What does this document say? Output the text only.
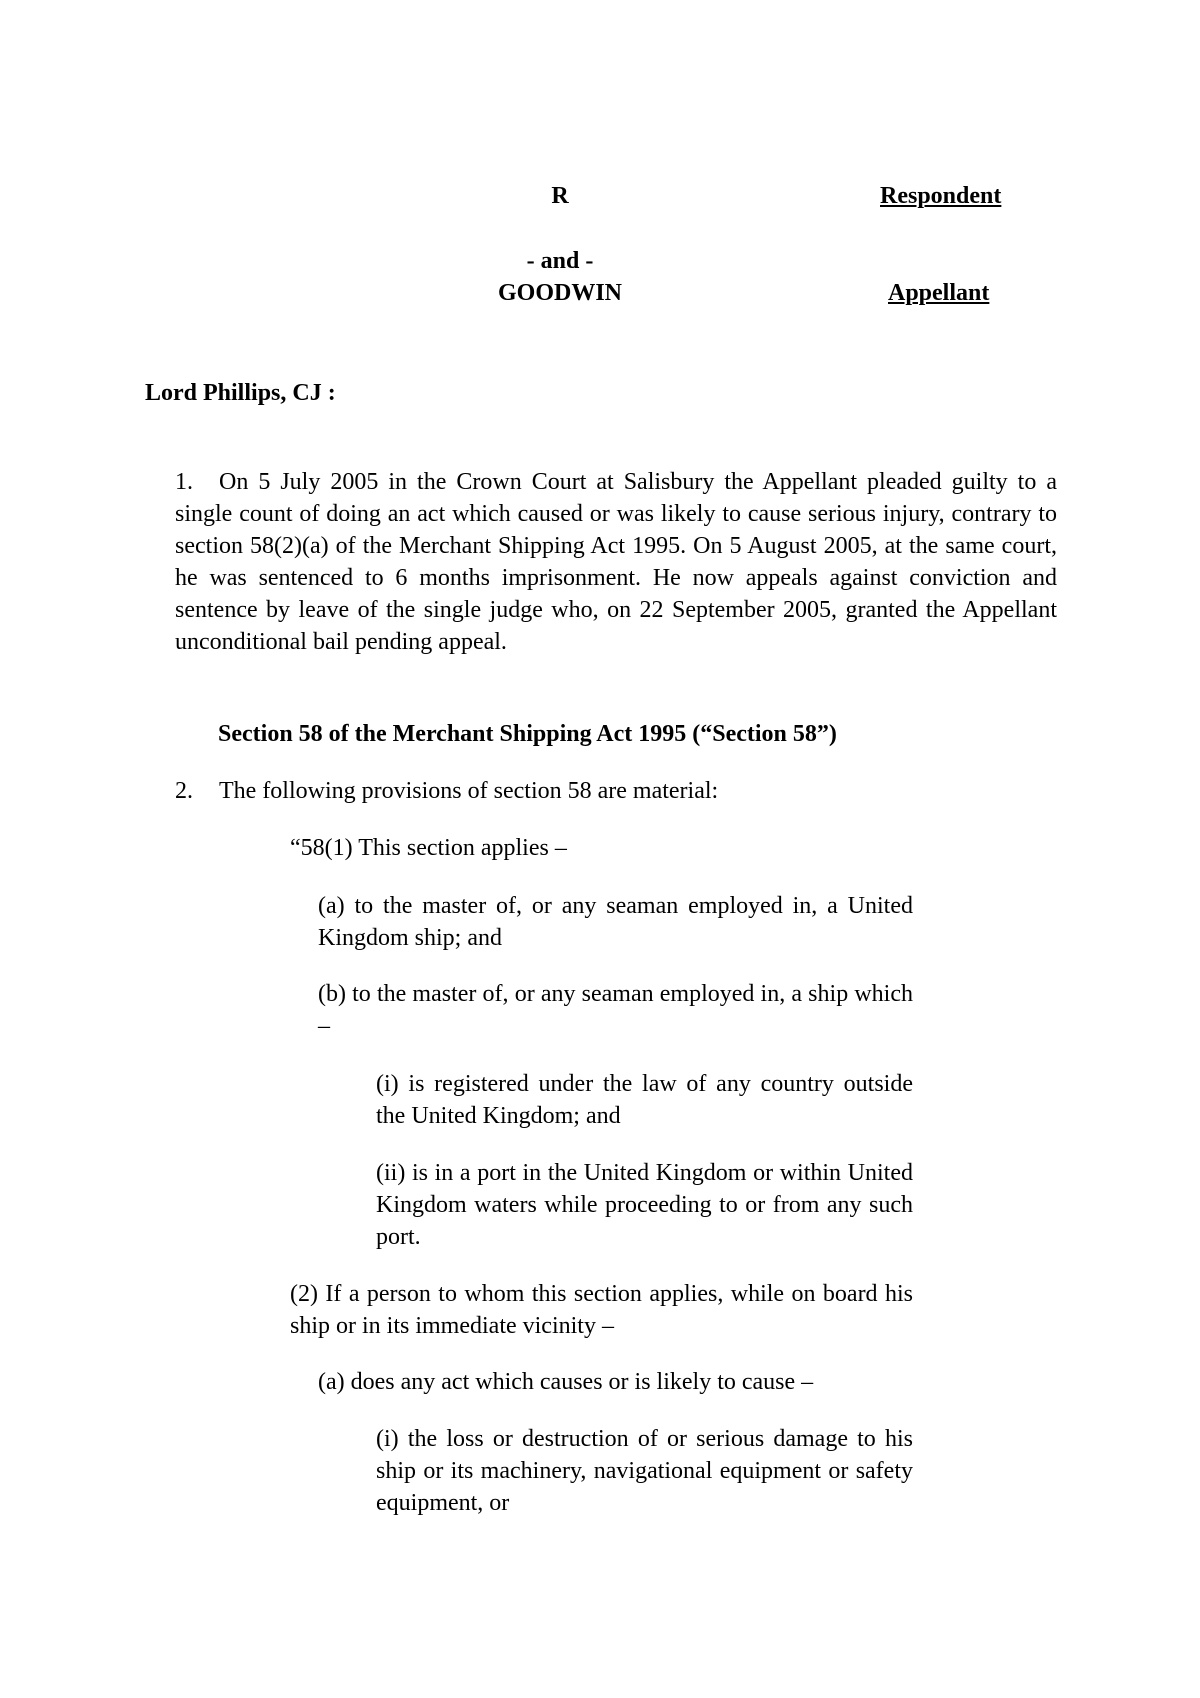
R	Respondent
- and -
GOODWIN	Appellant
Lord Phillips, CJ :
1. On 5 July 2005 in the Crown Court at Salisbury the Appellant pleaded guilty to a single count of doing an act which caused or was likely to cause serious injury, contrary to section 58(2)(a) of the Merchant Shipping Act 1995. On 5 August 2005, at the same court, he was sentenced to 6 months imprisonment. He now appeals against conviction and sentence by leave of the single judge who, on 22 September 2005, granted the Appellant unconditional bail pending appeal.
Section 58 of the Merchant Shipping Act 1995 (“Section 58”)
2. The following provisions of section 58 are material:
“58(1) This section applies –
(a) to the master of, or any seaman employed in, a United Kingdom ship; and
(b) to the master of, or any seaman employed in, a ship which –
(i) is registered under the law of any country outside the United Kingdom; and
(ii) is in a port in the United Kingdom or within United Kingdom waters while proceeding to or from any such port.
(2) If a person to whom this section applies, while on board his ship or in its immediate vicinity –
(a) does any act which causes or is likely to cause –
(i) the loss or destruction of or serious damage to his ship or its machinery, navigational equipment or safety equipment, or
